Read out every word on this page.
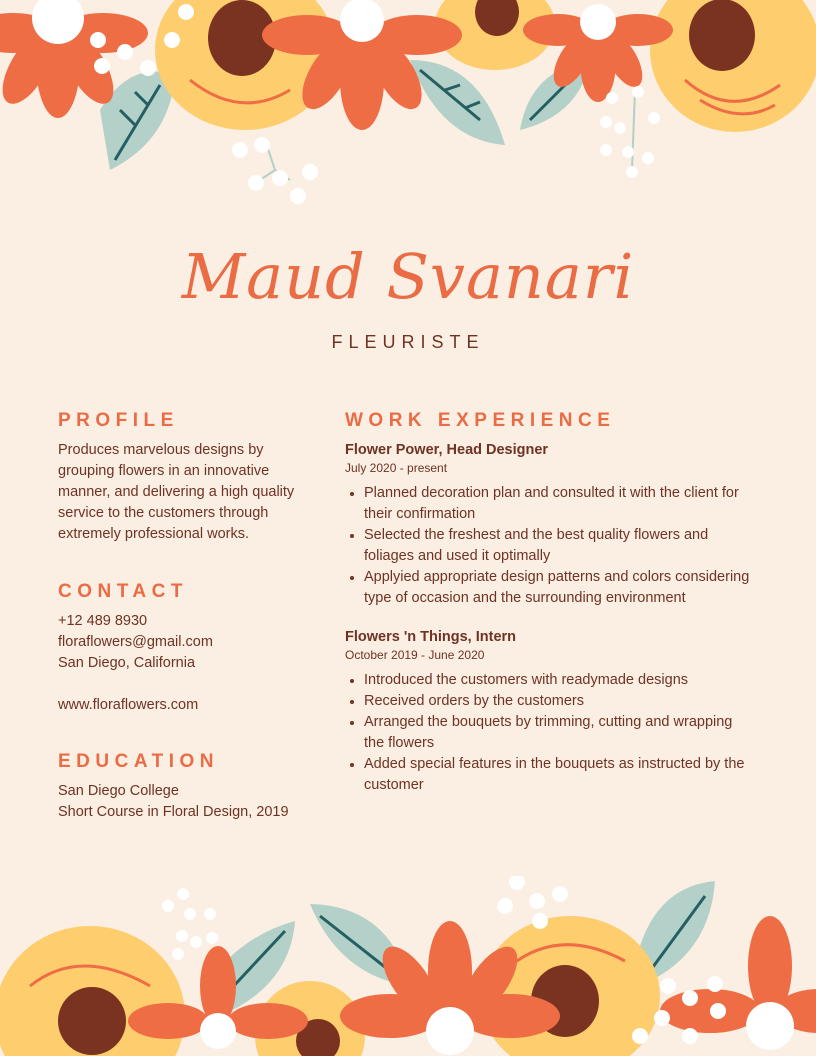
Maud Svanari
FLEURISTE
PROFILE
Produces marvelous designs by grouping flowers in an innovative manner, and delivering a high quality service to the customers through extremely professional works.
CONTACT
+12 489 8930
floraflowers@gmail.com
San Diego, California
www.floraflowers.com
EDUCATION
San Diego College
Short Course in Floral Design, 2019
WORK EXPERIENCE
Flower Power, Head Designer
July 2020 - present
• Planned decoration plan and consulted it with the client for their confirmation
• Selected the freshest and the best quality flowers and foliages and used it optimally
• Applyied appropriate design patterns and colors considering type of occasion and the surrounding environment
Flowers 'n Things, Intern
October 2019 - June 2020
• Introduced the customers with readymade designs
• Received orders by the customers
• Arranged the bouquets by trimming, cutting and wrapping the flowers
• Added special features in the bouquets as instructed by the customer
